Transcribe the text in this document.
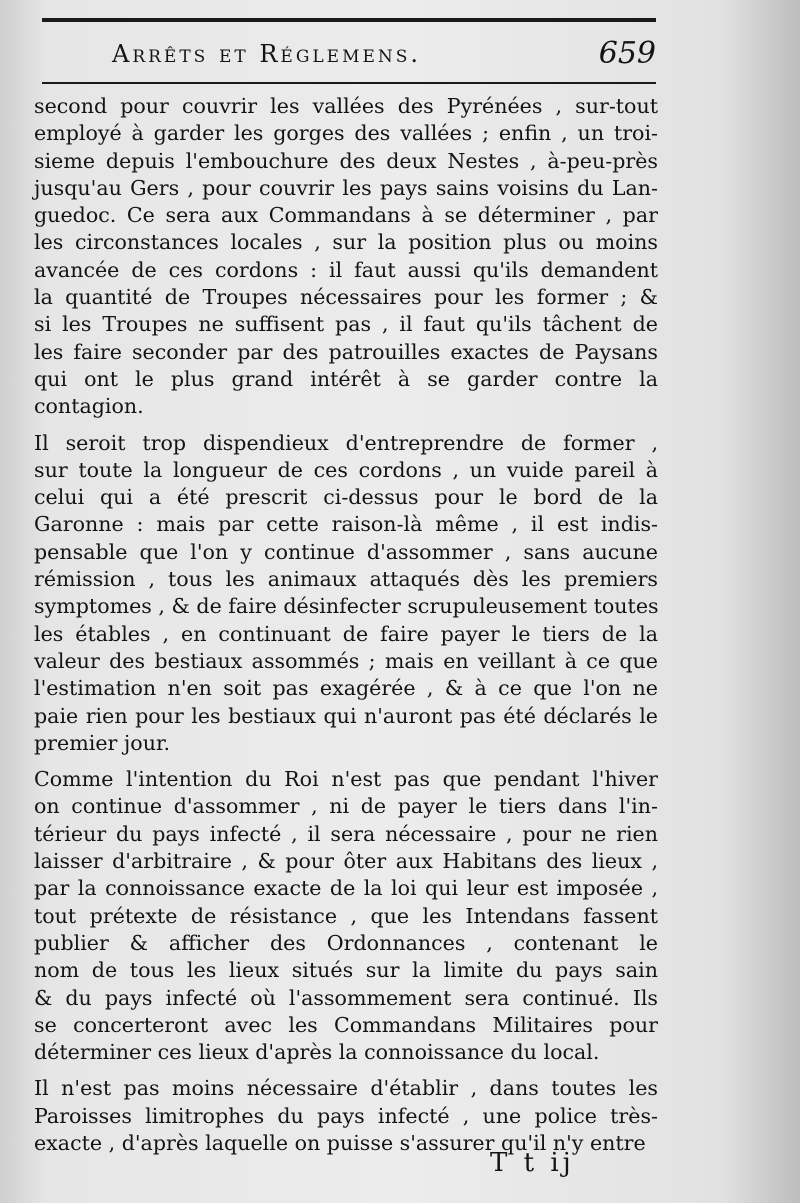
Arrêts et Réglemens.	659
second pour couvrir les vallées des Pyrénées , sur-tout
employé à garder les gorges des vallées ; enfin , un troi-
sieme depuis l'embouchure des deux Nestes , à-peu-près
jusqu'au Gers , pour couvrir les pays sains voisins du Lan-
guedoc. Ce sera aux Commandans à se déterminer , par
les circonstances locales , sur la position plus ou moins
avancée de ces cordons : il faut aussi qu'ils demandent
la quantité de Troupes nécessaires pour les former ; &
si les Troupes ne suffisent pas , il faut qu'ils tâchent de
les faire seconder par des patrouilles exactes de Paysans
qui ont le plus grand intérêt à se garder contre la
contagion.
Il seroit trop dispendieux d'entreprendre de former ,
sur toute la longueur de ces cordons , un vuide pareil à
celui qui a été prescrit ci-dessus pour le bord de la
Garonne : mais par cette raison-là même , il est indis-
pensable que l'on y continue d'assommer , sans aucune
rémission , tous les animaux attaqués dès les premiers
symptomes , & de faire désinfecter scrupuleusement toutes
les étables , en continuant de faire payer le tiers de la
valeur des bestiaux assommés ; mais en veillant à ce que
l'estimation n'en soit pas exagérée , & à ce que l'on ne
paie rien pour les bestiaux qui n'auront pas été déclarés le
premier jour.
Comme l'intention du Roi n'est pas que pendant l'hiver
on continue d'assommer , ni de payer le tiers dans l'in-
térieur du pays infecté , il sera nécessaire , pour ne rien
laisser d'arbitraire , & pour ôter aux Habitans des lieux ,
par la connoissance exacte de la loi qui leur est imposée ,
tout prétexte de résistance , que les Intendans fassent
publier & afficher des Ordonnances , contenant le
nom de tous les lieux situés sur la limite du pays sain
& du pays infecté où l'assommement sera continué. Ils
se concerteront avec les Commandans Militaires pour
déterminer ces lieux d'après la connoissance du local.
Il n'est pas moins nécessaire d'établir , dans toutes les
Paroisses limitrophes du pays infecté , une police très-
exacte , d'après laquelle on puisse s'assurer qu'il n'y entre
T t ij
